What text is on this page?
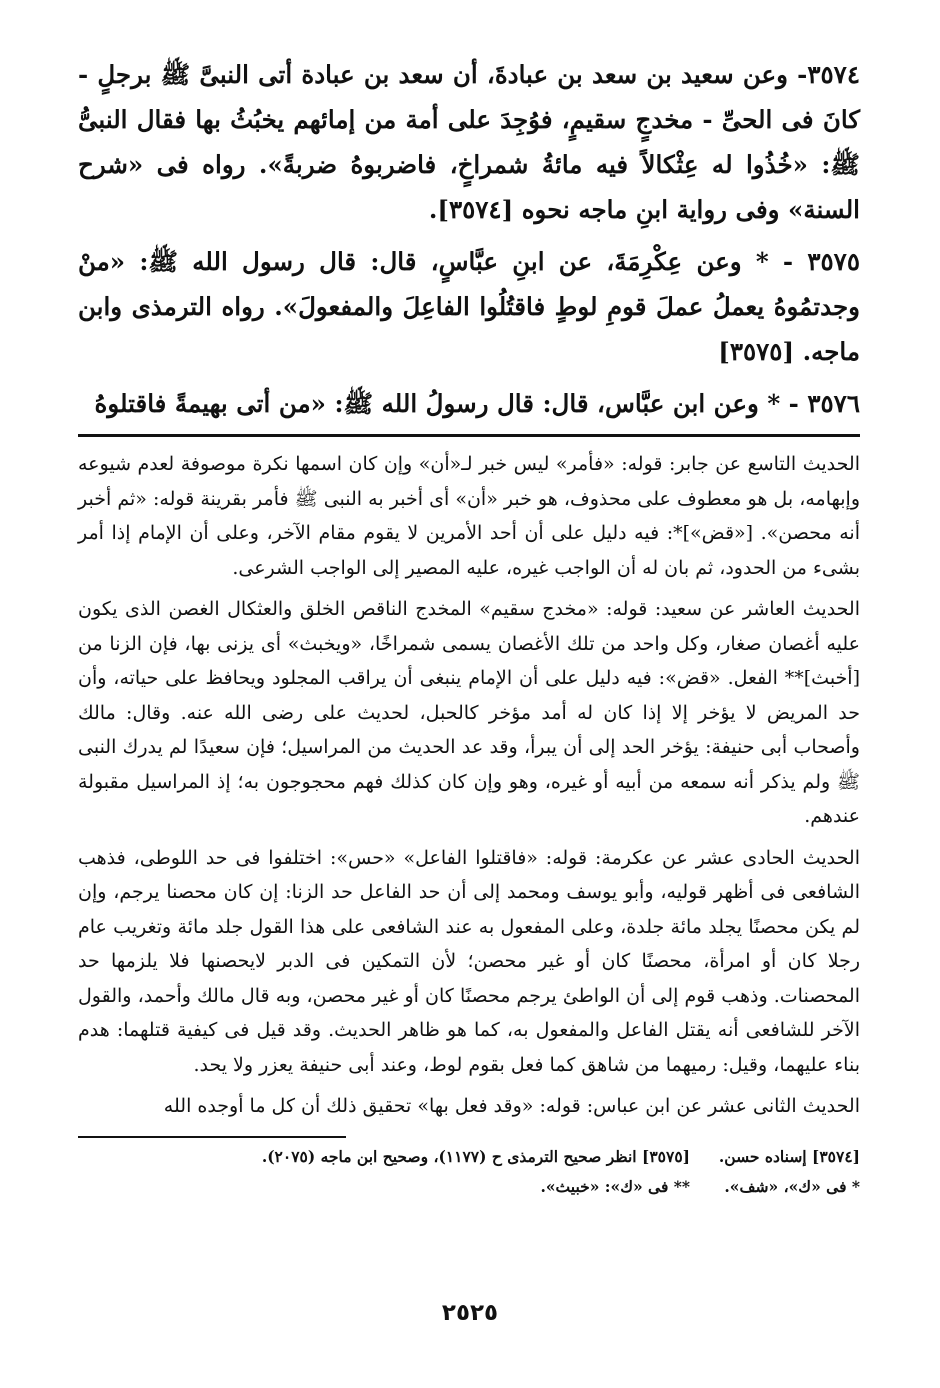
٣٥٧٤- وعن سعيد بن سعد بن عبادةَ، أن سعد بن عبادة أتى النبىَّ ﷺ برجلٍ - كانَ فى الحىِّ - مخدجٍ سقيمٍ، فوُجِدَ على أمة من إمائهم يخبُثُ بها فقال النبىُّ ﷺ: «خُذُوا له عِثْكالاً فيه مائةُ شمراخٍ، فاضربوهُ ضربةً». رواه فى «شرح السنة» وفى رواية ابنِ ماجه نحوه [٣٥٧٤].

٣٥٧٥ - * وعن عِكْرِمَةَ، عن ابنِ عبَّاسٍ، قال: قال رسول الله ﷺ: «منْ وجدتمُوهُ يعملُ عملَ قومِ لوطٍ فاقتُلُوا الفاعِلَ والمفعولَ». رواه الترمذى وابن ماجه. [٣٥٧٥]

٣٥٧٦ - * وعن ابن عبَّاس، قال: قال رسولُ الله ﷺ: «من أتى بهيمةً فاقتلوهُ

الحديث التاسع عن جابر: قوله: «فأمر» ليس خبر لـ«أن» وإن كان اسمها نكرة موصوفة لعدم شيوعه وإبهامه، بل هو معطوف على محذوف، هو خبر «أن» أى أخبر به النبى ﷺ فأمر بقرينة قوله: «ثم أخبر أنه محصن». [«قض»]*: فيه دليل على أن أحد الأمرين لا يقوم مقام الآخر، وعلى أن الإمام إذا أمر بشىء من الحدود، ثم بان له أن الواجب غيره، عليه المصير إلى الواجب الشرعى.

الحديث العاشر عن سعيد: قوله: «مخدج سقيم» المخدج الناقص الخلق والعثكال الغصن الذى يكون عليه أغصان صغار، وكل واحد من تلك الأغصان يسمى شمراخًا، «ويخبث» أى يزنى بها، فإن الزنا من [أخبث]** الفعل. «قض»: فيه دليل على أن الإمام ينبغى أن يراقب المجلود ويحافظ على حياته، وأن حد المريض لا يؤخر إلا إذا كان له أمد مؤخر كالحبل، لحديث على رضى الله عنه. وقال: مالك وأصحاب أبى حنيفة: يؤخر الحد إلى أن يبرأ، وقد عد الحديث من المراسيل؛ فإن سعيدًا لم يدرك النبى ﷺ ولم يذكر أنه سمعه من أبيه أو غيره، وهو وإن كان كذلك فهم محجوجون به؛ إذ المراسيل مقبولة عندهم.

الحديث الحادى عشر عن عكرمة: قوله: «فاقتلوا الفاعل» «حس»: اختلفوا فى حد اللوطى، فذهب الشافعى فى أظهر قوليه، وأبو يوسف ومحمد إلى أن حد الفاعل حد الزنا: إن كان محصنا يرجم، وإن لم يكن محصنًا يجلد مائة جلدة، وعلى المفعول به عند الشافعى على هذا القول جلد مائة وتغريب عام رجلا كان أو امرأة، محصنًا كان أو غير محصن؛ لأن التمكين فى الدبر لايحصنها فلا يلزمها حد المحصنات. وذهب قوم إلى أن الواطئ يرجم محصنًا كان أو غير محصن، وبه قال مالك وأحمد، والقول الآخر للشافعى أنه يقتل الفاعل والمفعول به، كما هو ظاهر الحديث. وقد قيل فى كيفية قتلهما: هدم بناء عليهما، وقيل: رميهما من شاهق كما فعل بقوم لوط، وعند أبى حنيفة يعزر ولا يحد.

الحديث الثانى عشر عن ابن عباس: قوله: «وقد فعل بها» تحقيق ذلك أن كل ما أوجده الله

[٣٥٧٤] إسناده حسن.
[٣٥٧٥] انظر صحيح الترمذى ح (١١٧٧)، وصحيح ابن ماجه (٢٠٧٥).
* فى «ك»، «شف».
** فى «ك»: «خبيث».
٢٥٢٥
